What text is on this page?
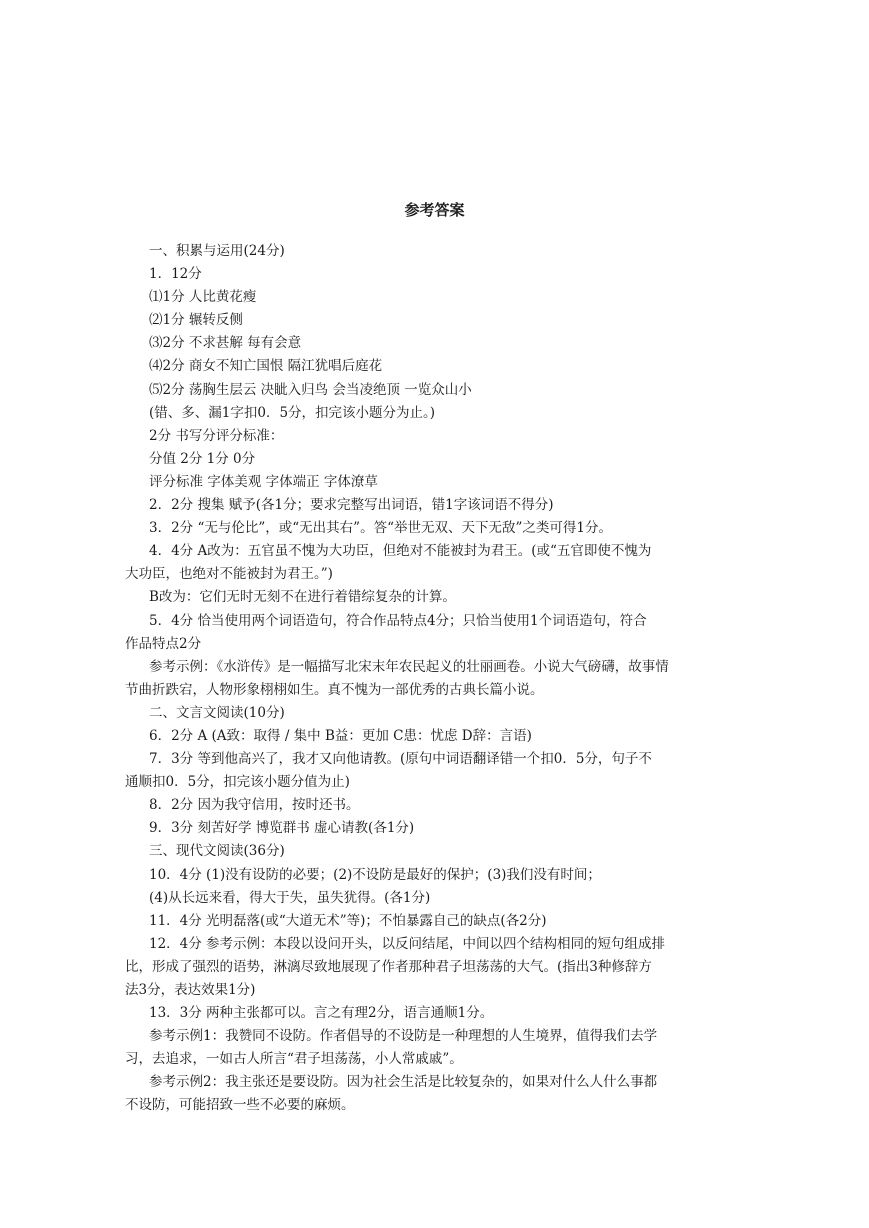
参考答案

一、积累与运用(24分)

1．12分

⑴1分 人比黄花瘦

⑵1分 辗转反侧

⑶2分 不求甚解 每有会意

⑷2分 商女不知亡国恨 隔江犹唱后庭花

⑸2分 荡胸生层云 决眦入归鸟 会当凌绝顶 一览众山小

(错、多、漏1字扣0．5分，扣完该小题分为止。)

2分 书写分评分标准：

分值 2分 1分 0分

评分标准 字体美观 字体端正 字体潦草

2．2分 搜集 赋予(各1分；要求完整写出词语，错1字该词语不得分)

3．2分 “无与伦比”，或“无出其右”。答“举世无双、天下无敌”之类可得1分。

4．4分 A改为：五官虽不愧为大功臣，但绝对不能被封为君王。(或“五官即使不愧为

大功臣，也绝对不能被封为君王。”)

B改为：它们无时无刻不在进行着错综复杂的计算。

5．4分 恰当使用两个词语造句，符合作品特点4分；只恰当使用1个词语造句，符合

作品特点2分

参考示例：《水浒传》是一幅描写北宋末年农民起义的壮丽画卷。小说大气磅礴，故事情

节曲折跌宕，人物形象栩栩如生。真不愧为一部优秀的古典长篇小说。

二、文言文阅读(10分)

6．2分 A (A致：取得 / 集中 B益：更加 C患：忧虑 D辞：言语)

7．3分 等到他高兴了，我才又向他请教。(原句中词语翻译错一个扣0．5分，句子不

通顺扣0．5分，扣完该小题分值为止)

8．2分 因为我守信用，按时还书。

9．3分 刻苦好学 博览群书 虚心请教(各1分)

三、现代文阅读(36分)

10．4分 (1)没有设防的必要；(2)不设防是最好的保护；(3)我们没有时间；

(4)从长远来看，得大于失，虽失犹得。(各1分)

11．4分 光明磊落(或“大道无术”等)；不怕暴露自己的缺点(各2分)

12．4分 参考示例：本段以设问开头，以反问结尾，中间以四个结构相同的短句组成排

比，形成了强烈的语势，淋漓尽致地展现了作者那种君子坦荡荡的大气。(指出3种修辞方

法3分，表达效果1分)

13．3分 两种主张都可以。言之有理2分，语言通顺1分。

参考示例1：我赞同不设防。作者倡导的不设防是一种理想的人生境界，值得我们去学

习，去追求，一如古人所言“君子坦荡荡，小人常戚戚”。

参考示例2：我主张还是要设防。因为社会生活是比较复杂的，如果对什么人什么事都

不设防，可能招致一些不必要的麻烦。
